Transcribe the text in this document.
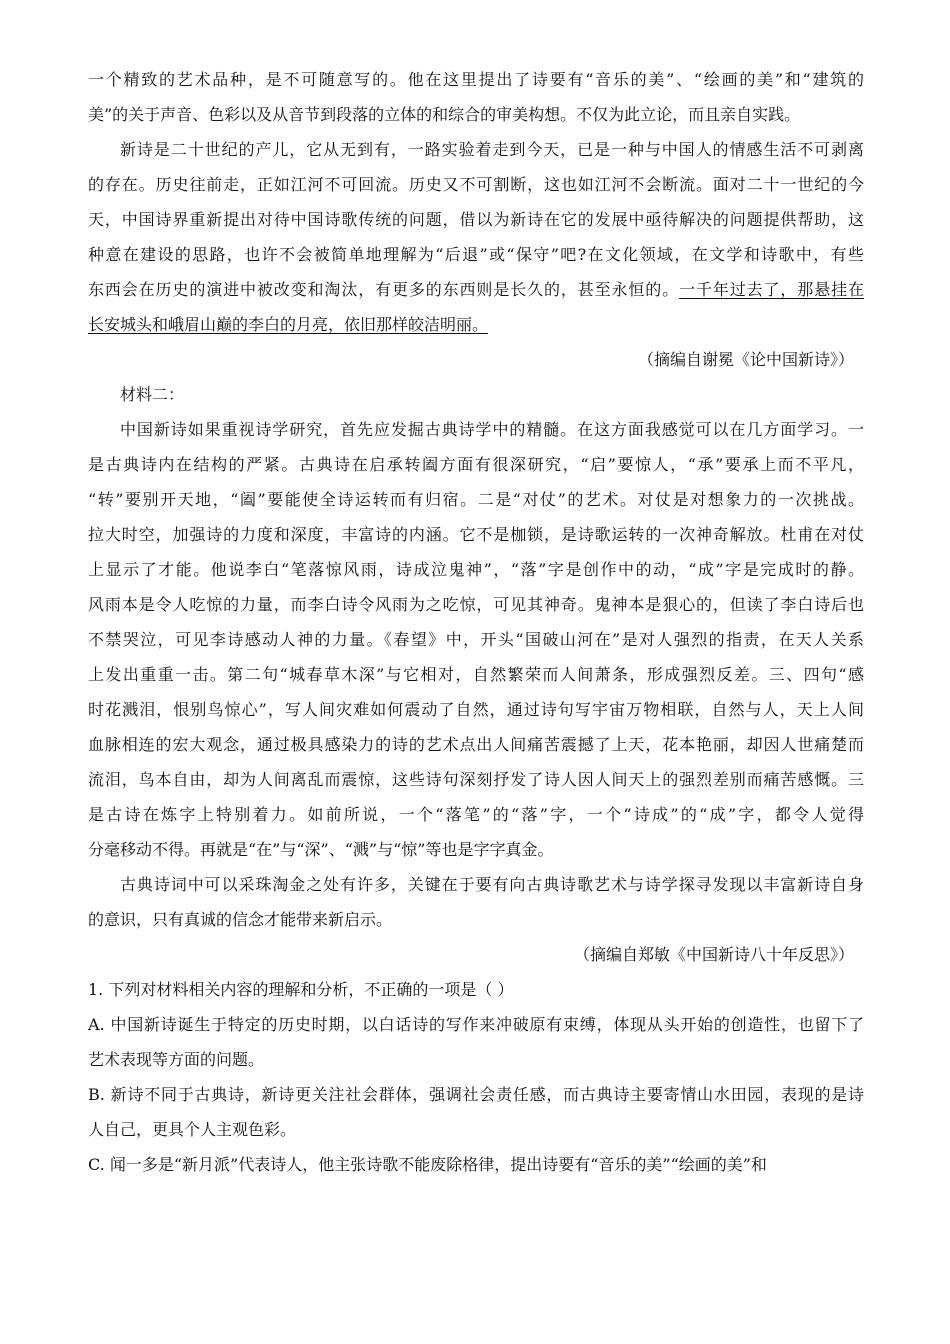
一个精致的艺术品种，是不可随意写的。他在这里提出了诗要有“音乐的美”、“绘画的美”和“建筑的
美”的关于声音、色彩以及从音节到段落的立体的和综合的审美构想。不仅为此立论，而且亲自实践。
新诗是二十世纪的产儿，它从无到有，一路实验着走到今天，已是一种与中国人的情感生活不可剥离
的存在。历史往前走，正如江河不可回流。历史又不可割断，这也如江河不会断流。面对二十一世纪的今
天，中国诗界重新提出对待中国诗歌传统的问题，借以为新诗在它的发展中亟待解决的问题提供帮助，这
种意在建设的思路，也许不会被简单地理解为“后退”或“保守”吧?在文化领域，在文学和诗歌中，有些
东西会在历史的演进中被改变和淘汰，有更多的东西则是长久的，甚至永恒的。一千年过去了，那悬挂在
长安城头和峨眉山巅的李白的月亮，依旧那样皎洁明丽。
（摘编自谢冕《论中国新诗》）
材料二：
中国新诗如果重视诗学研究，首先应发掘古典诗学中的精髓。在这方面我感觉可以在几方面学习。一
是古典诗内在结构的严紧。古典诗在启承转阖方面有很深研究，“启”要惊人，“承”要承上而不平凡，
“转”要别开天地，“阖”要能使全诗运转而有归宿。二是“对仗”的艺术。对仗是对想象力的一次挑战。
拉大时空，加强诗的力度和深度，丰富诗的内涵。它不是枷锁，是诗歌运转的一次神奇解放。杜甫在对仗
上显示了才能。他说李白“笔落惊风雨，诗成泣鬼神”，“落”字是创作中的动，“成”字是完成时的静。
风雨本是令人吃惊的力量，而李白诗令风雨为之吃惊，可见其神奇。鬼神本是狠心的，但读了李白诗后也
不禁哭泣，可见李诗感动人神的力量。《春望》中，开头“国破山河在”是对人强烈的指责，在天人关系
上发出重重一击。第二句“城春草木深”与它相对，自然繁荣而人间萧条，形成强烈反差。三、四句“感
时花溅泪，恨别鸟惊心”，写人间灾难如何震动了自然，通过诗句写宇宙万物相联，自然与人，天上人间
血脉相连的宏大观念，通过极具感染力的诗的艺术点出人间痛苦震撼了上天，花本艳丽，却因人世痛楚而
流泪，鸟本自由，却为人间离乱而震惊，这些诗句深刻抒发了诗人因人间天上的强烈差别而痛苦感慨。三
是古诗在炼字上特别着力。如前所说，一个“落笔”的“落”字，一个“诗成”的“成”字，都令人觉得
分毫移动不得。再就是“在”与“深”、“溅”与“惊”等也是字字真金。
古典诗词中可以采珠淘金之处有许多，关键在于要有向古典诗歌艺术与诗学探寻发现以丰富新诗自身
的意识，只有真诚的信念才能带来新启示。
（摘编自郑敏《中国新诗八十年反思》）
1. 下列对材料相关内容的理解和分析，不正确的一项是（ ）
A. 中国新诗诞生于特定的历史时期，以白话诗的写作来冲破原有束缚，体现从头开始的创造性，也留下了
艺术表现等方面的问题。
B. 新诗不同于古典诗，新诗更关注社会群体，强调社会责任感，而古典诗主要寄情山水田园，表现的是诗
人自己，更具个人主观色彩。
C. 闻一多是“新月派”代表诗人，他主张诗歌不能废除格律，提出诗要有“音乐的美”“绘画的美”和
